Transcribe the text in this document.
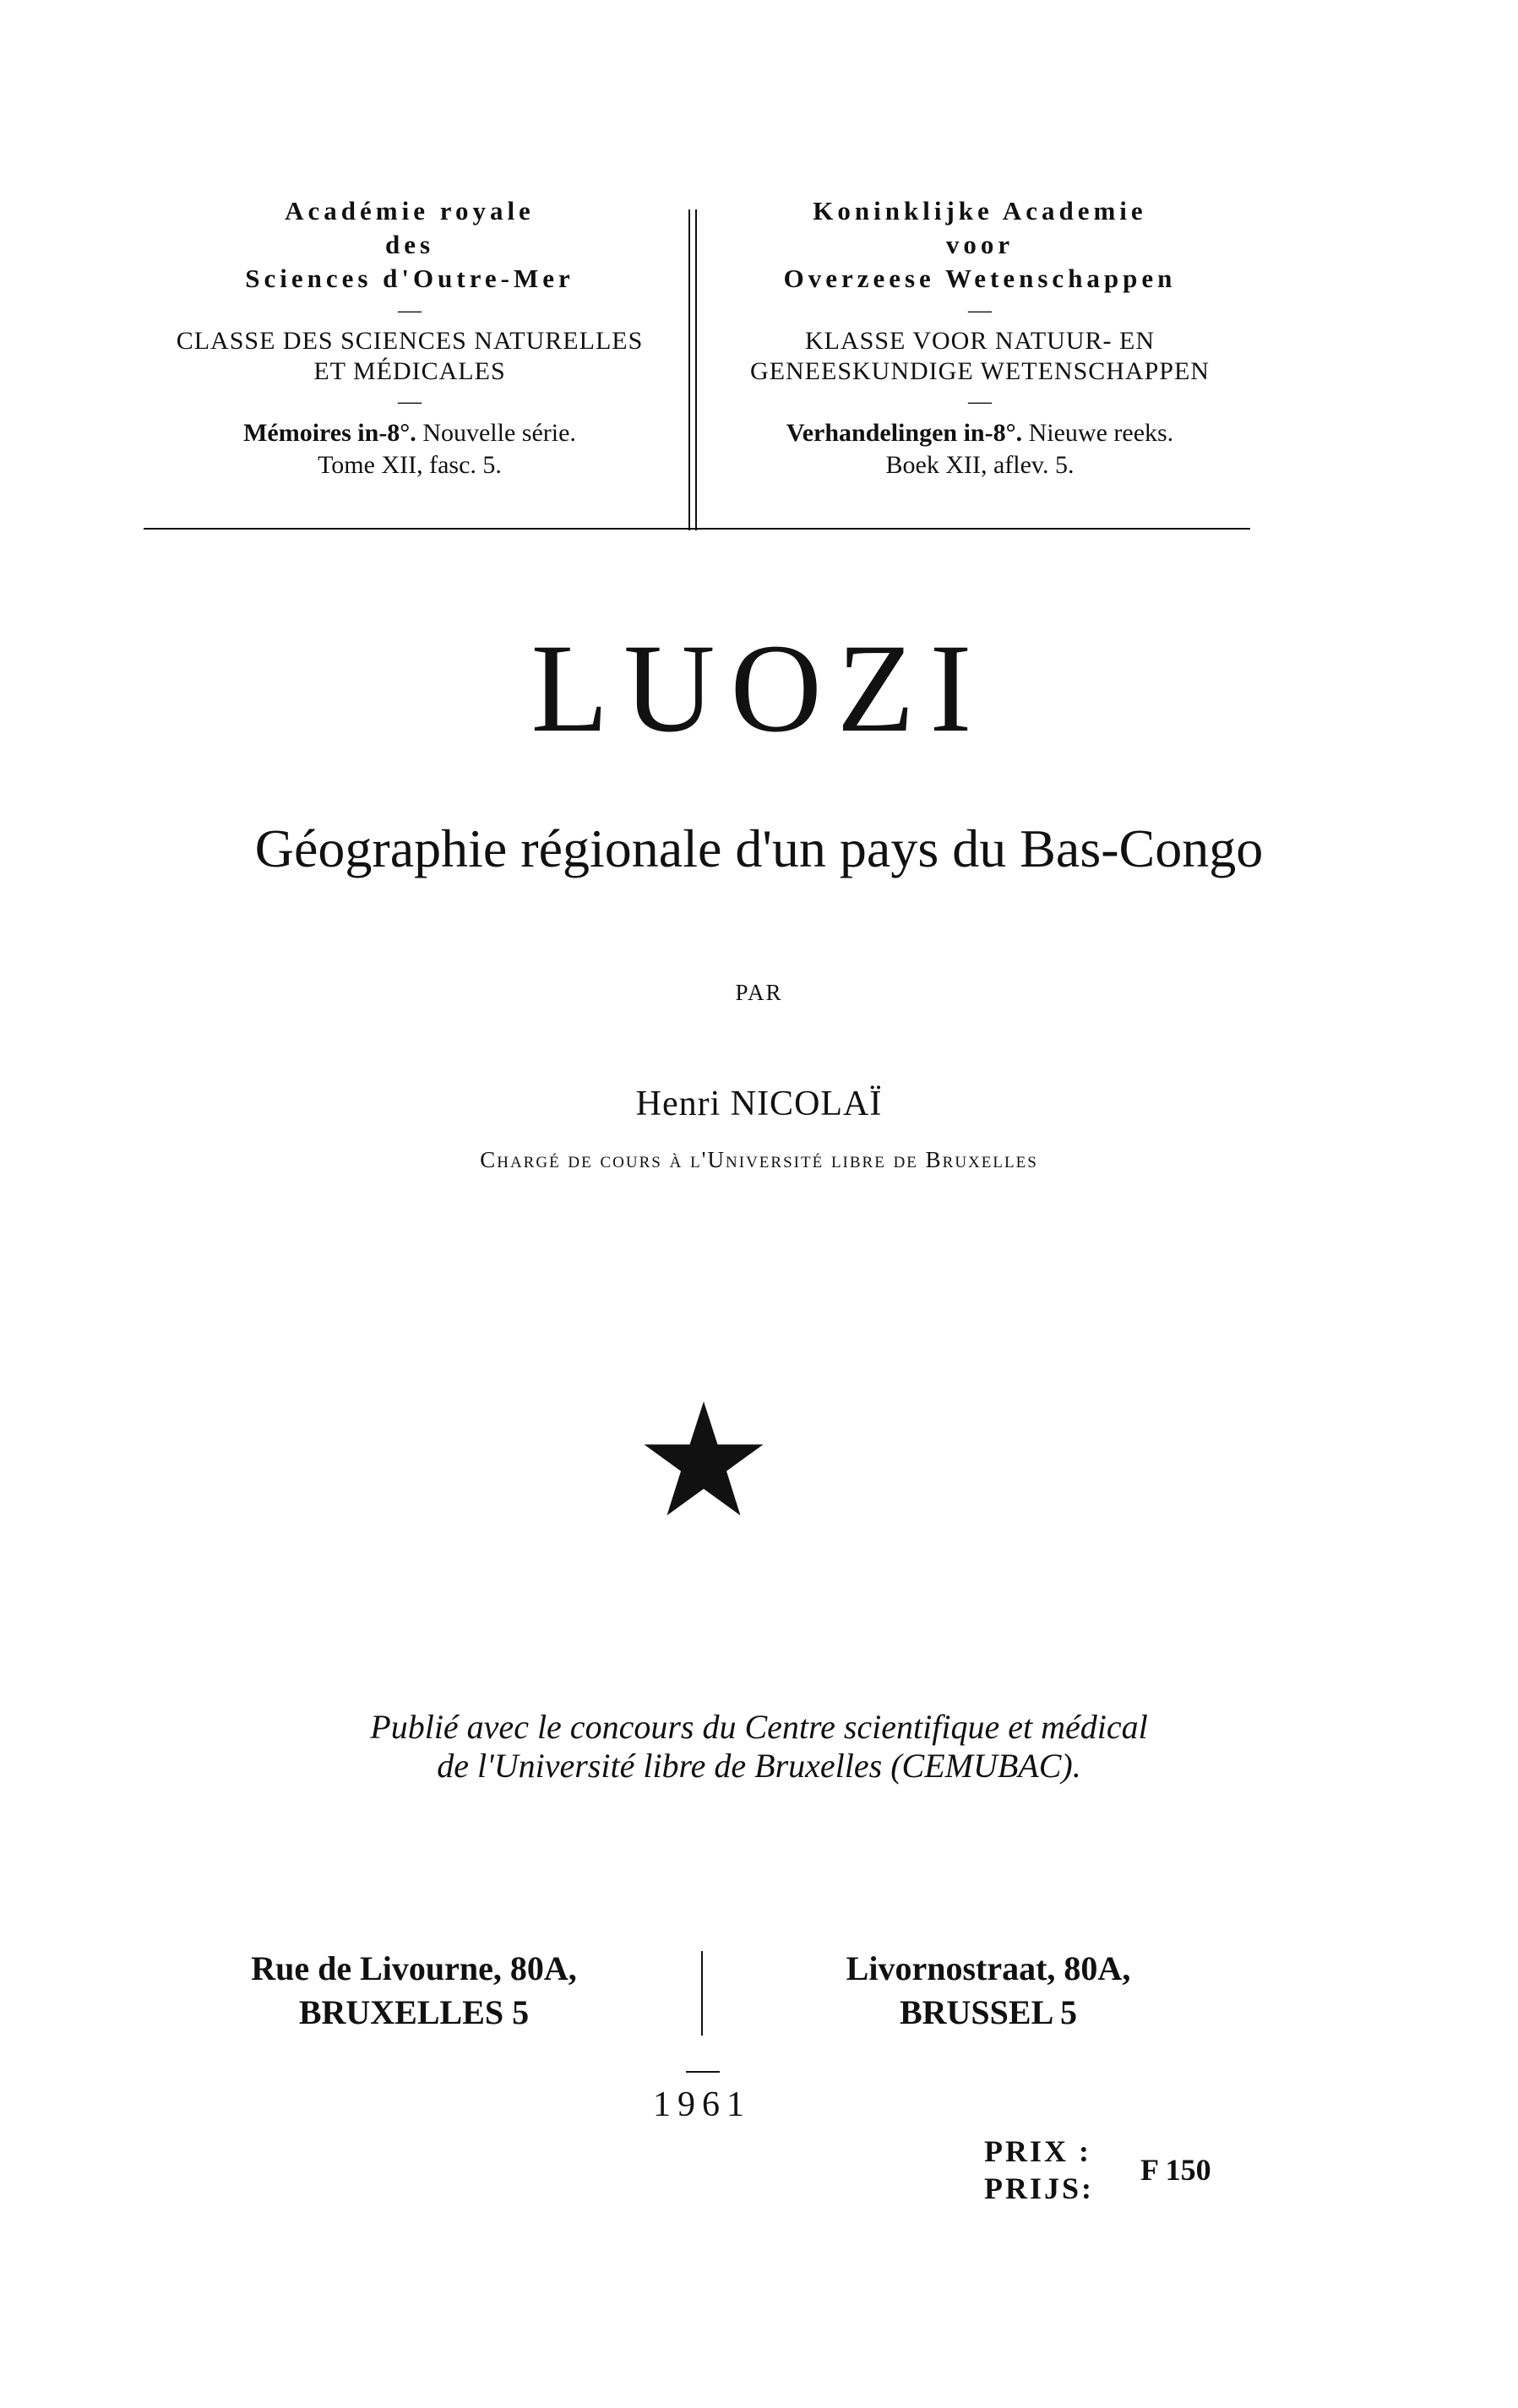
Académie royale
des
Sciences d'Outre-Mer
—
CLASSE DES SCIENCES NATURELLES
ET MÉDICALES
—
Mémoires in-8°. Nouvelle série.
Tome XII, fasc. 5.
Koninklijke Academie
voor
Overzeese Wetenschappen
—
KLASSE VOOR NATUUR- EN
GENEESKUNDIGE WETENSCHAPPEN
—
Verhandelingen in-8°. Nieuwe reeks.
Boek XII, aflev. 5.
LUOZI
Géographie régionale d'un pays du Bas-Congo
PAR
Henri NICOLAÏ
Chargé de cours à l'Université libre de Bruxelles
Publié avec le concours du Centre scientifique et médical
de l'Université libre de Bruxelles (CEMUBAC).
Rue de Livourne, 80A,
BRUXELLES 5
Livornostraat, 80A,
BRUSSEL 5
1961
PRIX :
PRIJS:
F 150
